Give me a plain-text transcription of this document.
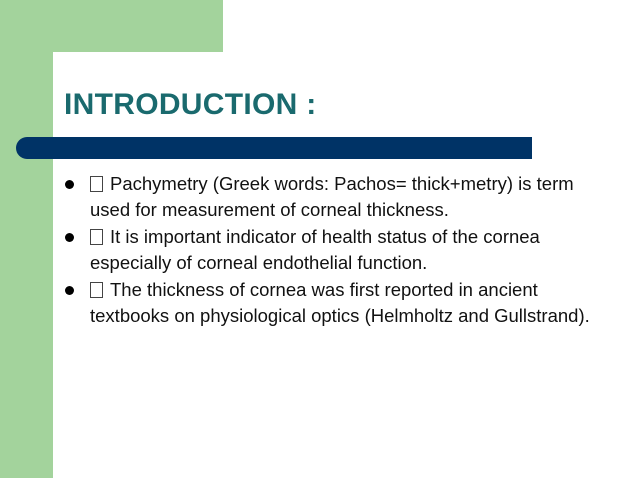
INTRODUCTION :
Pachymetry (Greek words: Pachos= thick+metry) is term used for measurement of corneal thickness.
It is important indicator of health status of the cornea especially of corneal endothelial function.
The thickness of cornea was first reported in ancient textbooks on physiological optics (Helmholtz and Gullstrand).
